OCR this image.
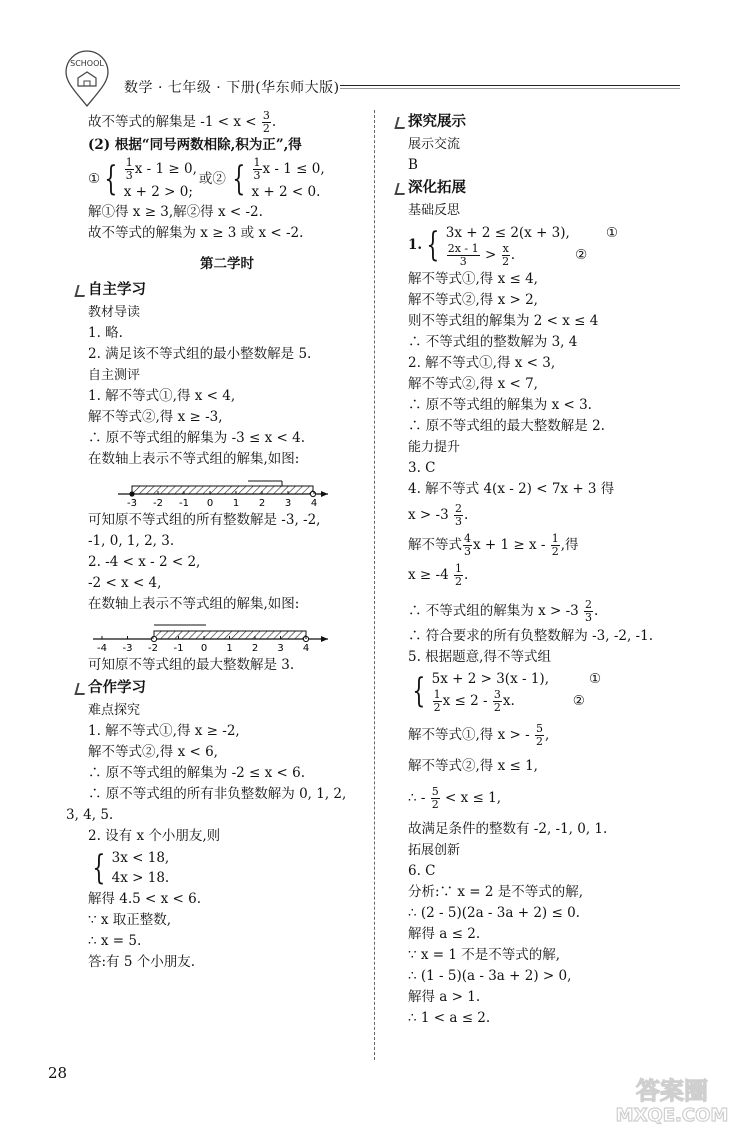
SCHOOL
数学 · 七年级 · 下册(华东师大版)

故不等式的解集是 $-1 < x < \frac{3}{2}$ .

(2) 根据“同号两数相除,积为正”,得

① { $\frac{1}{3}$ x - 1 ≥ 0,
x + 2 > 0;
或② { $\frac{1}{3}$ x - 1 ≤ 0,
x + 2 < 0.

解①得 x ≥ 3,解②得 x < -2.

故不等式的解集为 x ≥ 3 或 x < -2.

第二学时
自主学习
教材导读

1. 略.

2. 满足该不等式组的最小整数解是 5.

自主测评

1. 解不等式①,得 x < 4,

解不等式②,得 x ≥ -3,

∴ 原不等式组的解集为 -3 ≤ x < 4.

在数轴上表示不等式组的解集,如图:

-3 -2 -1 0 1 2 3 4

可知原不等式组的所有整数解是 -3, -2,

-1, 0, 1, 2, 3.

2. -4 < x - 2 < 2,

-2 < x < 4,

在数轴上表示不等式组的解集,如图:

-4 -3 -2 -1 0 1 2 3 4

可知原不等式组的最大整数解是 3.

合作学习
难点探究

1. 解不等式①,得 x ≥ -2,

解不等式②,得 x < 6,

∴ 原不等式组的解集为 -2 ≤ x < 6.

∴ 原不等式组的所有非负整数解为 0, 1, 2,

3, 4, 5.

2. 设有 x 个小朋友,则

{ 3x < 18,
4x > 18.

解得 4.5 < x < 6.

∵ x 取正整数,

∴ x = 5.

答:有 5 个小朋友.

探究展示
展示交流

B

深化拓展
基础反思

1. { 3x + 2 ≤ 2(x + 3),	①
$\frac{2x - 1}{3} > \frac{x}{2}$ .	②

解不等式①,得 x ≤ 4,

解不等式②,得 x > 2,

则不等式组的解集为 2 < x ≤ 4

∴ 不等式组的整数解为 3, 4

2. 解不等式①,得 x < 3,

解不等式②,得 x < 7,

∴ 原不等式组的解集为 x < 3.

∴ 原不等式组的最大整数解是 2.

能力提升

3. C

4. 解不等式 4(x - 2) < 7x + 3 得

$x > -3 \frac{2}{3}$ .

解不等式 $\frac{4}{3}$ $x + 1 \ge x - \frac{1}{2}$ ,得

$x \ge -4 \frac{1}{2}$ .

∴ 不等式组的解集为 $x > -3 \frac{2}{3}$ .

∴ 符合要求的所有负整数解为 -3, -2, -1.

5. 根据题意,得不等式组

{ 5x + 2 > 3(x - 1),	①
$\frac{1}{2}$ $x \le 2 - \frac{3}{2} x$.	②

解不等式①,得 x > - $\frac{5}{2}$ ,

解不等式②,得 x ≤ 1,

∴ - $\frac{5}{2} < x \le 1$,

故满足条件的整数有 -2, -1, 0, 1.

拓展创新

6. C

分析:∵ x = 2 是不等式的解,

∴ (2 - 5)(2a - 3a + 2) ≤ 0.

解得 a ≤ 2.

∵ x = 1 不是不等式的解,

∴ (1 - 5)(a - 3a + 2) > 0,

解得 a > 1.

∴ 1 < a ≤ 2.

28
答案圈
MXQE.COM
